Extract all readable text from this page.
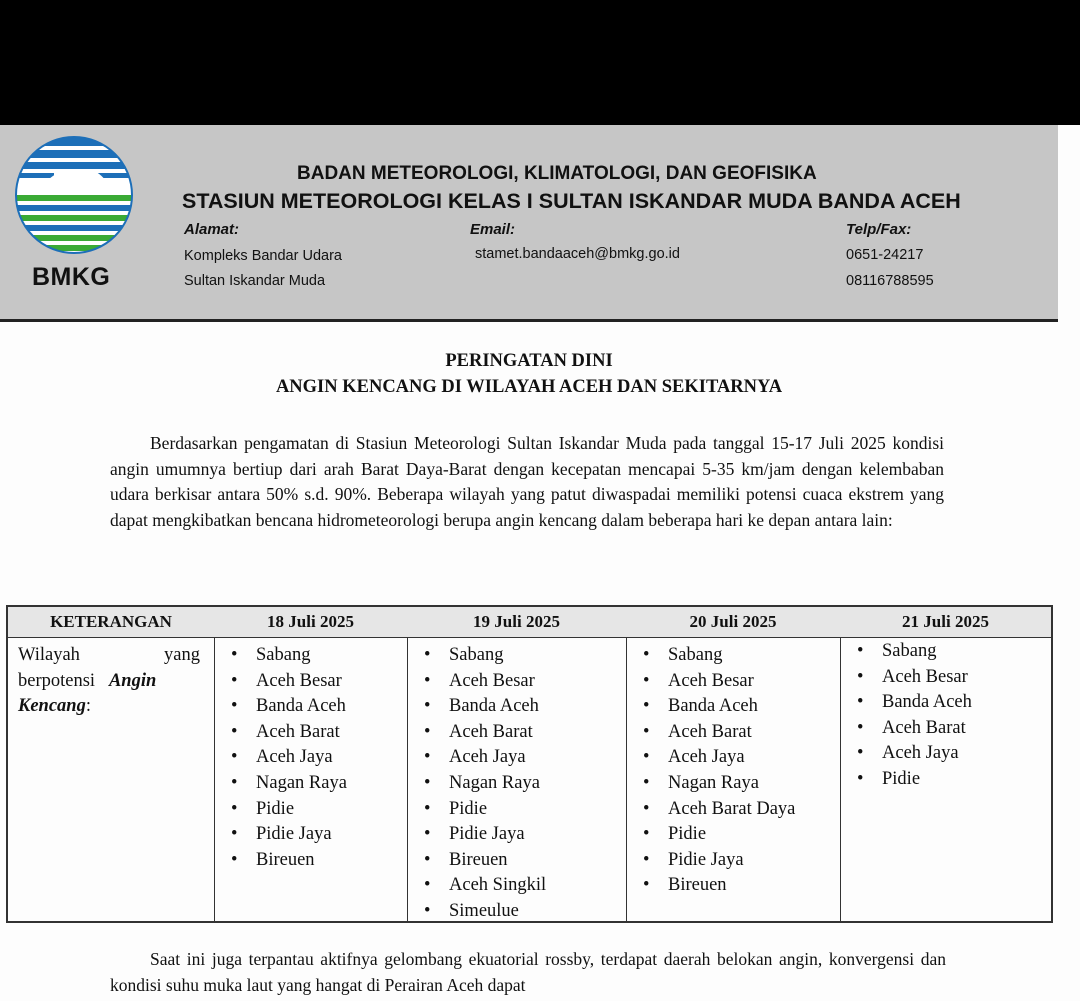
BMKG
BADAN METEOROLOGI, KLIMATOLOGI, DAN GEOFISIKA
STASIUN METEOROLOGI KELAS I SULTAN ISKANDAR MUDA BANDA ACEH
Alamat:
Kompleks Bandar Udara
Sultan Iskandar Muda
Email:
stamet.bandaaceh@bmkg.go.id
Telp/Fax:
0651-24217
08116788595
PERINGATAN DINI
ANGIN KENCANG DI WILAYAH ACEH DAN SEKITARNYA
Berdasarkan pengamatan di Stasiun Meteorologi Sultan Iskandar Muda pada tanggal 15-17 Juli 2025 kondisi angin umumnya bertiup dari arah Barat Daya-Barat dengan kecepatan mencapai 5-35 km/jam dengan kelembaban udara berkisar antara 50% s.d. 90%. Beberapa wilayah yang patut diwaspadai memiliki potensi cuaca ekstrem yang dapat mengkibatkan bencana hidrometeorologi berupa angin kencang dalam beberapa hari ke depan antara lain:
KETERANGAN
Wilayah	yang
berpotensi Angin
Kencang:
18 Juli 2025
• Sabang
• Aceh Besar
• Banda Aceh
• Aceh Barat
• Aceh Jaya
• Nagan Raya
• Pidie
• Pidie Jaya
• Bireuen
19 Juli 2025
• Sabang
• Aceh Besar
• Banda Aceh
• Aceh Barat
• Aceh Jaya
• Nagan Raya
• Pidie
• Pidie Jaya
• Bireuen
• Aceh Singkil
• Simeulue
20 Juli 2025
• Sabang
• Aceh Besar
• Banda Aceh
• Aceh Barat
• Aceh Jaya
• Nagan Raya
• Aceh Barat Daya
• Pidie
• Pidie Jaya
• Bireuen
21 Juli 2025
• Sabang
• Aceh Besar
• Banda Aceh
• Aceh Barat
• Aceh Jaya
• Pidie
Saat ini juga terpantau aktifnya gelombang ekuatorial rossby, terdapat daerah belokan angin, konvergensi dan kondisi suhu muka laut yang hangat di Perairan Aceh dapat
